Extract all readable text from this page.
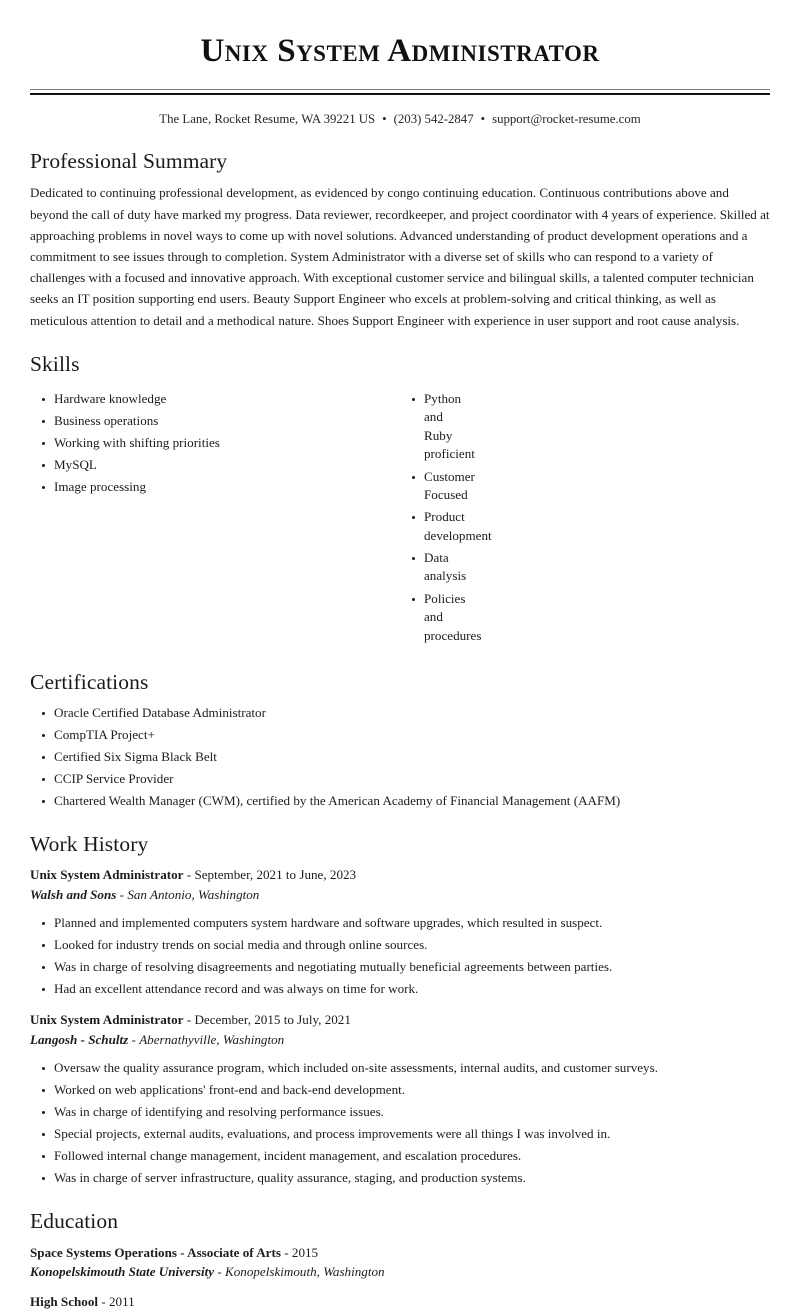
Unix System Administrator
The Lane, Rocket Resume, WA 39221 US • (203) 542-2847 • support@rocket-resume.com
Professional Summary

Dedicated to continuing professional development, as evidenced by congo continuing education. Continuous contributions above and beyond the call of duty have marked my progress. Data reviewer, recordkeeper, and project coordinator with 4 years of experience. Skilled at approaching problems in novel ways to come up with novel solutions. Advanced understanding of product development operations and a commitment to see issues through to completion. System Administrator with a diverse set of skills who can respond to a variety of challenges with a focused and innovative approach. With exceptional customer service and bilingual skills, a talented computer technician seeks an IT position supporting end users. Beauty Support Engineer who excels at problem-solving and critical thinking, as well as meticulous attention to detail and a methodical nature. Shoes Support Engineer with experience in user support and root cause analysis.

Skills
Hardware knowledge
Business operations
Working with shifting priorities
MySQL
Image processing
Python and Ruby proficient
Customer Focused
Product development
Data analysis
Policies and procedures
Certifications
Oracle Certified Database Administrator
CompTIA Project+
Certified Six Sigma Black Belt
CCIP Service Provider
Chartered Wealth Manager (CWM), certified by the American Academy of Financial Management (AAFM)
Work History
Unix System Administrator - September, 2021 to June, 2023
Walsh and Sons - San Antonio, Washington
Planned and implemented computers system hardware and software upgrades, which resulted in suspect.
Looked for industry trends on social media and through online sources.
Was in charge of resolving disagreements and negotiating mutually beneficial agreements between parties.
Had an excellent attendance record and was always on time for work.
Unix System Administrator - December, 2015 to July, 2021
Langosh - Schultz - Abernathyville, Washington
Oversaw the quality assurance program, which included on-site assessments, internal audits, and customer surveys.
Worked on web applications' front-end and back-end development.
Was in charge of identifying and resolving performance issues.
Special projects, external audits, evaluations, and process improvements were all things I was involved in.
Followed internal change management, incident management, and escalation procedures.
Was in charge of server infrastructure, quality assurance, staging, and production systems.
Education
Space Systems Operations - Associate of Arts - 2015
Konopelskimouth State University - Konopelskimouth, Washington
High School - 2011
